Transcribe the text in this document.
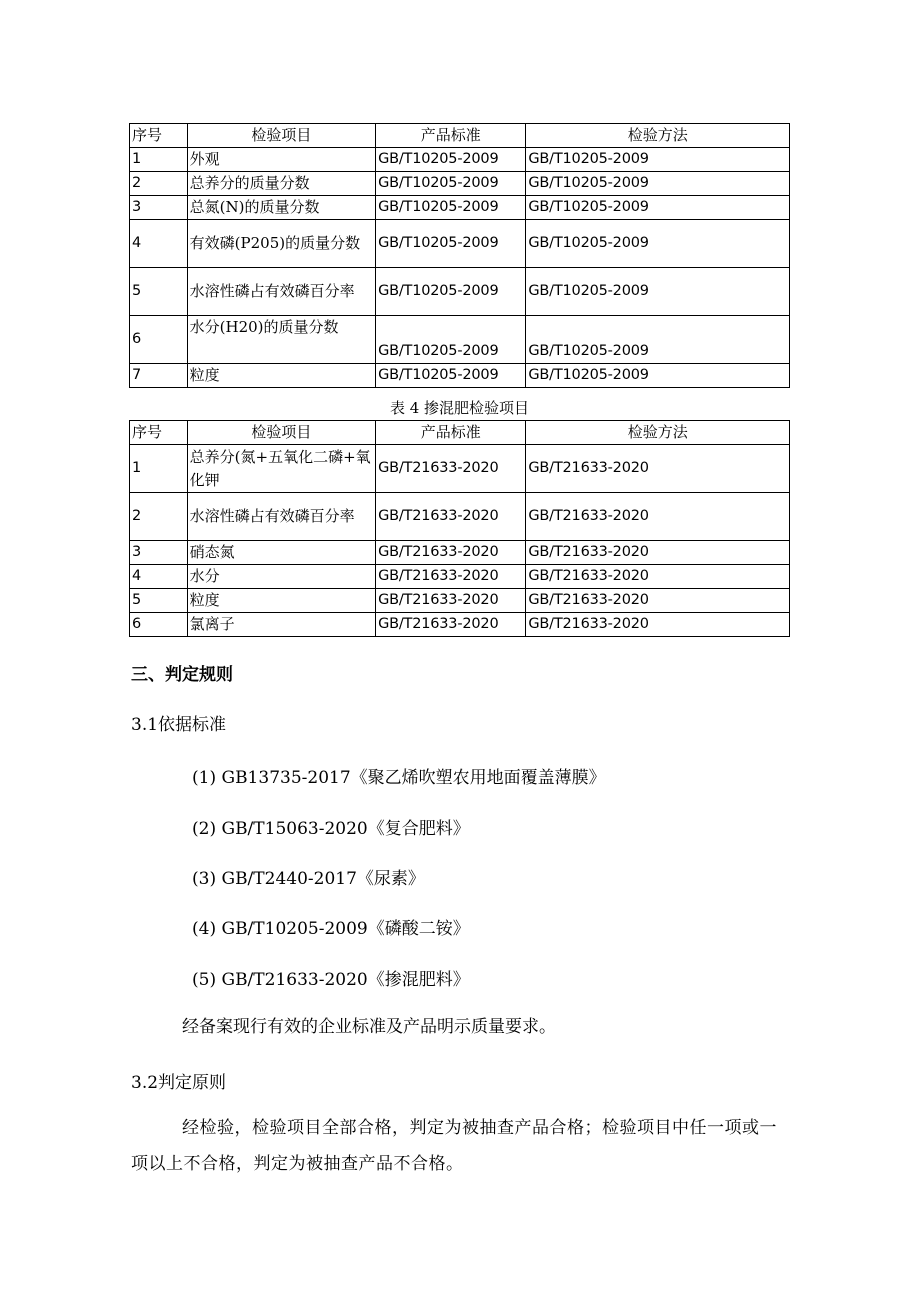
序号	检验项目	产品标准	检验方法
1	外观	GB/T10205-2009	GB/T10205-2009
2	总养分的质量分数	GB/T10205-2009	GB/T10205-2009
3	总氮(N)的质量分数	GB/T10205-2009	GB/T10205-2009
4	有效磷(P205)的质量分数	GB/T10205-2009	GB/T10205-2009
5	水溶性磷占有效磷百分率	GB/T10205-2009	GB/T10205-2009
6	水分(H20)的质量分数	GB/T10205-2009	GB/T10205-2009
7	粒度	GB/T10205-2009	GB/T10205-2009
表 4 掺混肥检验项目
序号	检验项目	产品标准	检验方法
1	总养分(氮+五氧化二磷+氧化钾	GB/T21633-2020	GB/T21633-2020
2	水溶性磷占有效磷百分率	GB/T21633-2020	GB/T21633-2020
3	硝态氮	GB/T21633-2020	GB/T21633-2020
4	水分	GB/T21633-2020	GB/T21633-2020
5	粒度	GB/T21633-2020	GB/T21633-2020
6	氯离子	GB/T21633-2020	GB/T21633-2020
三、判定规则
3.1依据标准
(1) GB13735-2017《聚乙烯吹塑农用地面覆盖薄膜》
(2) GB/T15063-2020《复合肥料》
(3) GB/T2440-2017《尿素》
(4) GB/T10205-2009《磷酸二铵》
(5) GB/T21633-2020《掺混肥料》
经备案现行有效的企业标准及产品明示质量要求。
3.2判定原则
经检验，检验项目全部合格，判定为被抽查产品合格；检验项目中任一项或一项以上不合格，判定为被抽查产品不合格。
